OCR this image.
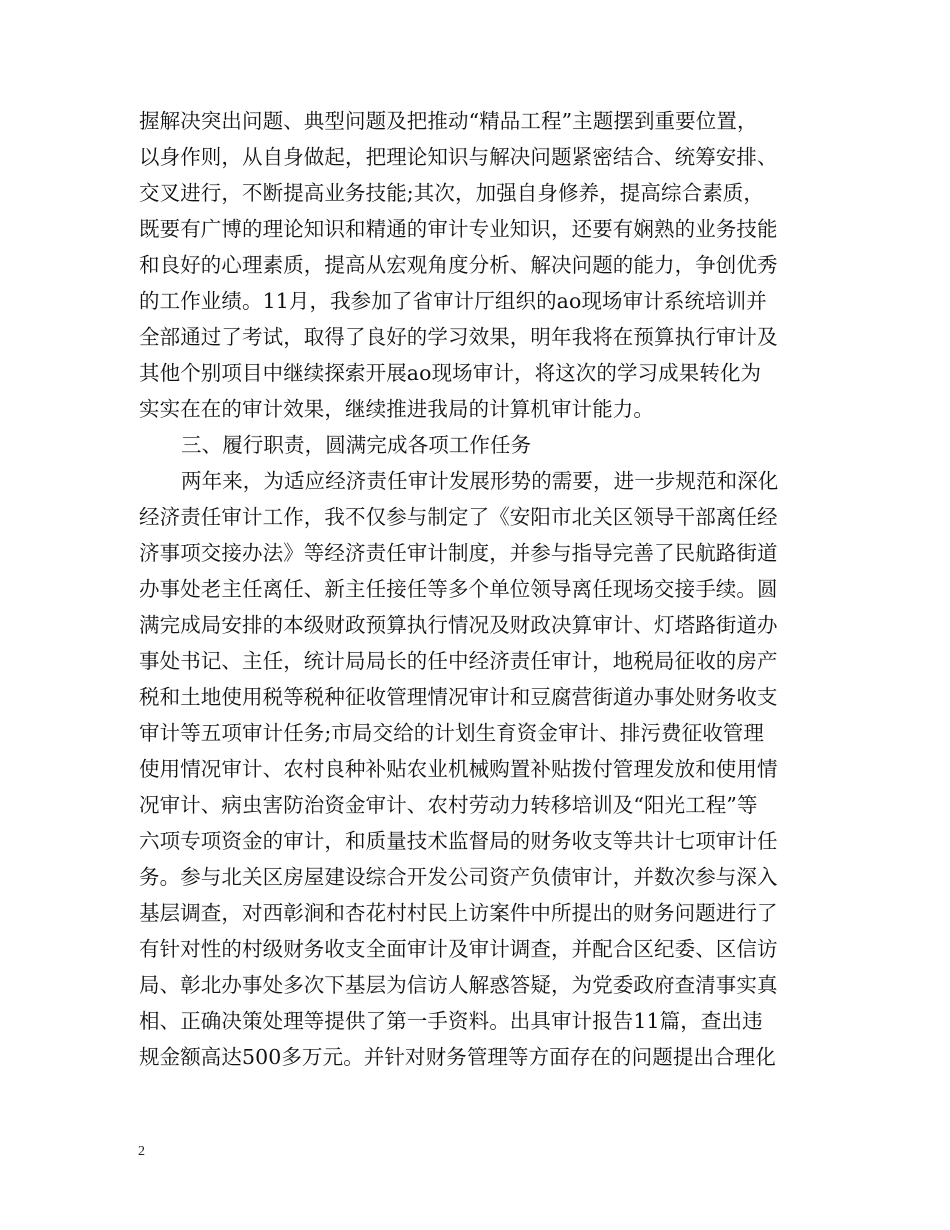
握解决突出问题、典型问题及把推动“精品工程”主题摆到重要位置，
以身作则，从自身做起，把理论知识与解决问题紧密结合、统筹安排、
交叉进行，不断提高业务技能;其次，加强自身修养，提高综合素质，
既要有广博的理论知识和精通的审计专业知识，还要有娴熟的业务技能
和良好的心理素质，提高从宏观角度分析、解决问题的能力，争创优秀
的工作业绩。11月，我参加了省审计厅组织的ao现场审计系统培训并
全部通过了考试，取得了良好的学习效果，明年我将在预算执行审计及
其他个别项目中继续探索开展ao现场审计，将这次的学习成果转化为
实实在在的审计效果，继续推进我局的计算机审计能力。
三、履行职责，圆满完成各项工作任务
两年来，为适应经济责任审计发展形势的需要，进一步规范和深化
经济责任审计工作，我不仅参与制定了《安阳市北关区领导干部离任经
济事项交接办法》等经济责任审计制度，并参与指导完善了民航路街道
办事处老主任离任、新主任接任等多个单位领导离任现场交接手续。圆
满完成局安排的本级财政预算执行情况及财政决算审计、灯塔路街道办
事处书记、主任，统计局局长的任中经济责任审计，地税局征收的房产
税和土地使用税等税种征收管理情况审计和豆腐营街道办事处财务收支
审计等五项审计任务;市局交给的计划生育资金审计、排污费征收管理
使用情况审计、农村良种补贴农业机械购置补贴拨付管理发放和使用情
况审计、病虫害防治资金审计、农村劳动力转移培训及“阳光工程”等
六项专项资金的审计，和质量技术监督局的财务收支等共计七项审计任
务。参与北关区房屋建设综合开发公司资产负债审计，并数次参与深入
基层调查，对西彰涧和杏花村村民上访案件中所提出的财务问题进行了
有针对性的村级财务收支全面审计及审计调查，并配合区纪委、区信访
局、彰北办事处多次下基层为信访人解惑答疑，为党委政府查清事实真
相、正确决策处理等提供了第一手资料。出具审计报告11篇，查出违
规金额高达500多万元。并针对财务管理等方面存在的问题提出合理化
2
